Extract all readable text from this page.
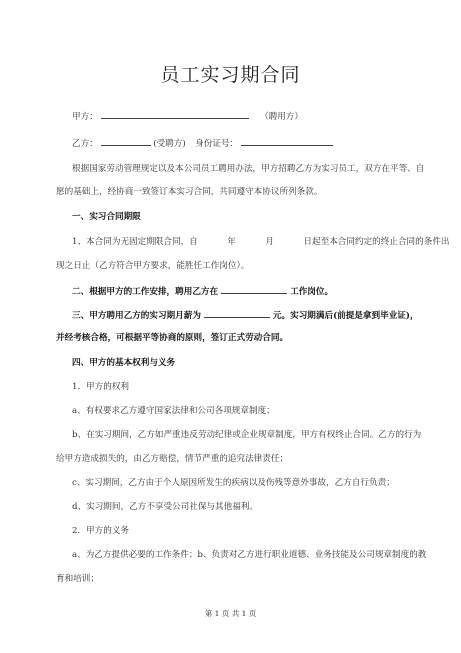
员工实习期合同
甲方：	（聘用方）
乙方：	(受聘方) 身份证号：
根据国家劳动管理规定以及本公司员工聘用办法，甲方招聘乙方为实习员工，双方在平等、自
愿的基础上，经协商一致签订本实习合同，共同遵守本协议所列条款。
一、实习合同期限
1、本合同为无固定期限合同，自	年	月	日起至本合同约定的终止合同的条件出
现之日止（乙方符合甲方要求，能胜任工作岗位）。
二、根据甲方的工作安排，聘用乙方在	工作岗位。
三、甲方聘用乙方的实习期月薪为	元。实习期满后(前提是拿到毕业证)，
并经考核合格，可根据平等协商的原则，签订正式劳动合同。
四、甲方的基本权利与义务
1．甲方的权利
a、有权要求乙方遵守国家法律和公司各项规章制度；
b、在实习期间，乙方如严重违反劳动纪律或企业规章制度，甲方有权终止合同。乙方的行为
给甲方造成损失的，由乙方赔偿，情节严重的追究法律责任；
c、实习期间，乙方由于个人原因所发生的疾病以及伤残等意外事故，乙方自行负责；
d、实习期间，乙方不享受公司社保与其他福利。
2．甲方的义务
a、为乙方提供必要的工作条件；b、负责对乙方进行职业道德、业务技能及公司规章制度的教
育和培训；
第 1 页 共 1 页
